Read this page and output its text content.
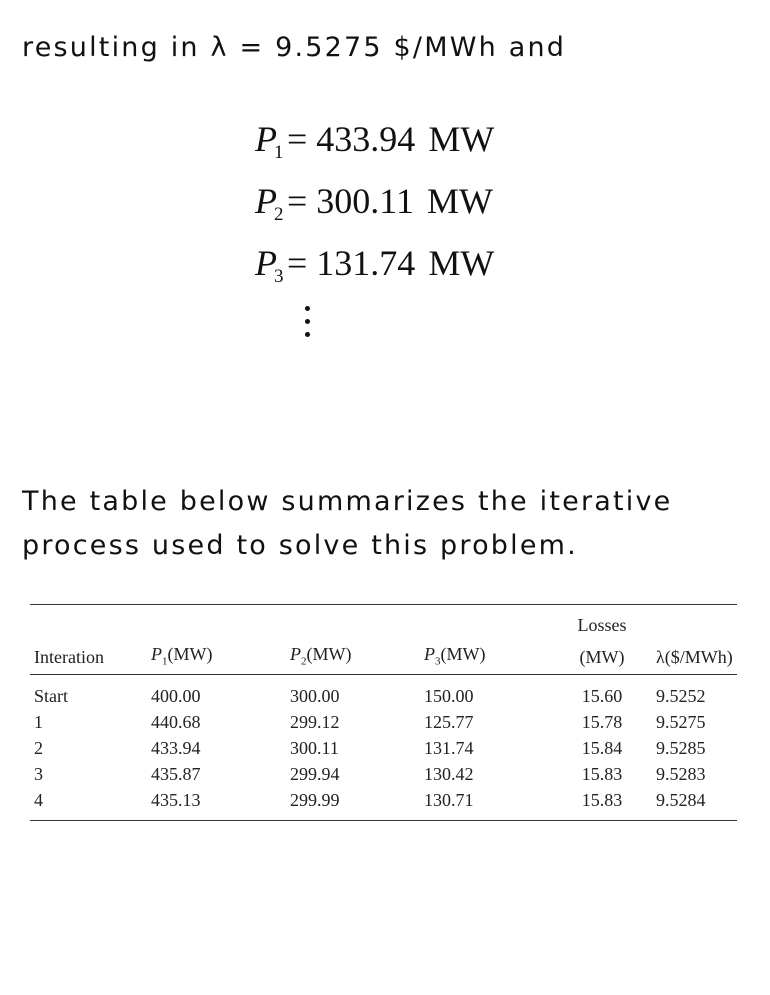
resulting in λ = 9.5275 $/MWh and

P
1 = 433.94 MW
P
2 = 300.11 MW
P
3 = 131.74 MW

The table below summarizes the iterative process used to solve this problem.

				Losses	
Interation	$P_1(MW)$	$P_2(MW)$	$P_3(MW)$	(MW)	λ($/MWh)
Start	400.00	300.00	150.00	15.60	9.5252
1	440.68	299.12	125.77	15.78	9.5275
2	433.94	300.11	131.74	15.84	9.5285
3	435.87	299.94	130.42	15.83	9.5283
4	435.13	299.99	130.71	15.83	9.5284
